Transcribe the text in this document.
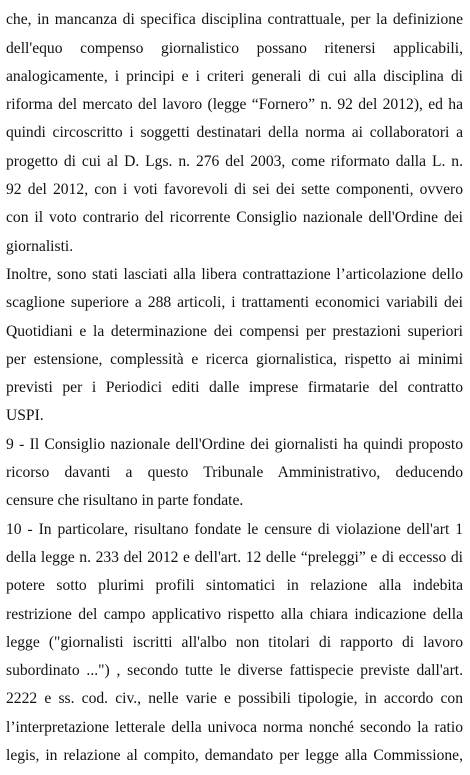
che, in mancanza di specifica disciplina contrattuale, per la definizione
dell'equo compenso giornalistico possano ritenersi applicabili,
analogicamente, i principi e i criteri generali di cui alla disciplina di
riforma del mercato del lavoro (legge “Fornero” n. 92 del 2012), ed ha
quindi circoscritto i soggetti destinatari della norma ai collaboratori a
progetto di cui al D. Lgs. n. 276 del 2003, come riformato dalla L. n.
92 del 2012, con i voti favorevoli di sei dei sette componenti, ovvero
con il voto contrario del ricorrente Consiglio nazionale dell'Ordine dei
giornalisti.
Inoltre, sono stati lasciati alla libera contrattazione l’articolazione dello
scaglione superiore a 288 articoli, i trattamenti economici variabili dei
Quotidiani e la determinazione dei compensi per prestazioni superiori
per estensione, complessità e ricerca giornalistica, rispetto ai minimi
previsti per i Periodici editi dalle imprese firmatarie del contratto
USPI.
9 - Il Consiglio nazionale dell'Ordine dei giornalisti ha quindi proposto
ricorso davanti a questo Tribunale Amministrativo, deducendo
censure che risultano in parte fondate.
10 - In particolare, risultano fondate le censure di violazione dell'art 1
della legge n. 233 del 2012 e dell'art. 12 delle “preleggi” e di eccesso di
potere sotto plurimi profili sintomatici in relazione alla indebita
restrizione del campo applicativo rispetto alla chiara indicazione della
legge ("giornalisti iscritti all'albo non titolari di rapporto di lavoro
subordinato ...") , secondo tutte le diverse fattispecie previste dall'art.
2222 e ss. cod. civ., nelle varie e possibili tipologie, in accordo con
l’interpretazione letterale della univoca norma nonché secondo la ratio
legis, in relazione al compito, demandato per legge alla Commissione,
